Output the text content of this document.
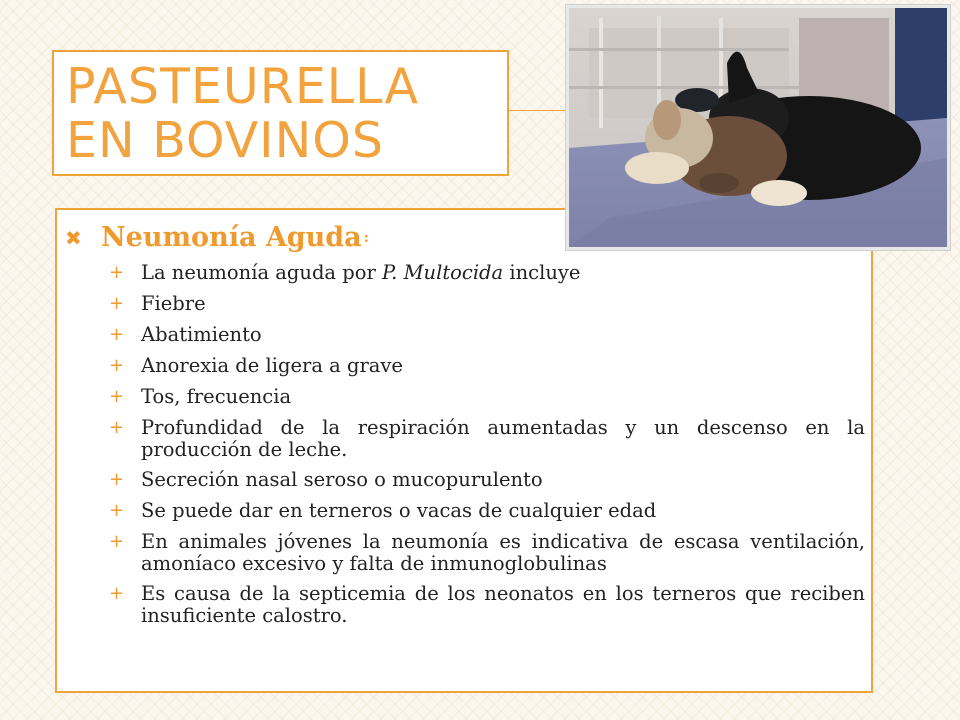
PASTEURELLA
EN BOVINOS
✖ Neumonía Aguda :
+ La neumonía aguda por P. Multocida incluye
+ Fiebre
+ Abatimiento
+ Anorexia de ligera a grave
+ Tos, frecuencia
+ Profundidad de la respiración aumentadas y un descenso en la producción de leche.
+ Secreción nasal seroso o mucopurulento
+ Se puede dar en terneros o vacas de cualquier edad
+ En animales jóvenes la neumonía es indicativa de escasa ventilación, amoníaco excesivo y falta de inmunoglobulinas
+ Es causa de la septicemia de los neonatos en los terneros que reciben insuficiente calostro.
